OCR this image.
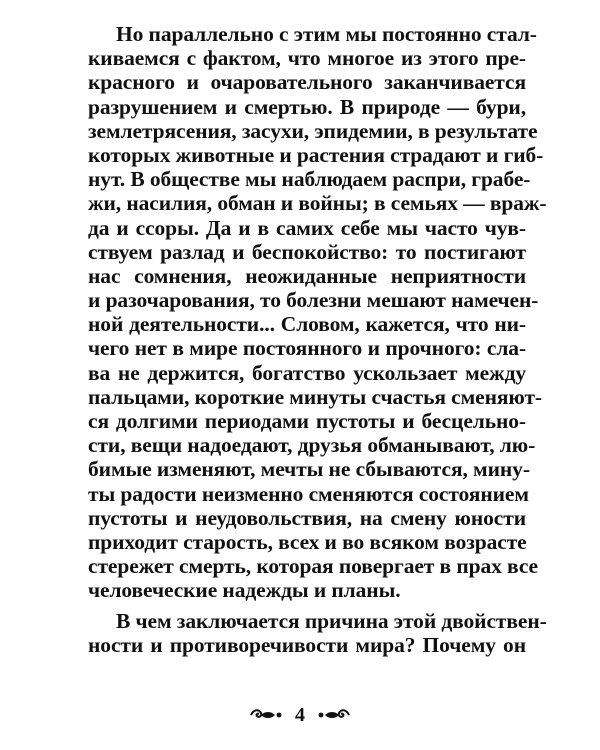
Но параллельно с этим мы постоянно стал-
киваемся с фактом, что многое из этого пре-
красного и очаровательного заканчивается
разрушением и смертью. В природе — бури,
землетрясения, засухи, эпидемии, в результате
которых животные и растения страдают и гиб-
нут. В обществе мы наблюдаем распри, грабе-
жи, насилия, обман и войны; в семьях — враж-
да и ссоры. Да и в самих себе мы часто чув-
ствуем разлад и беспокойство: то постигают
нас сомнения, неожиданные неприятности
и разочарования, то болезни мешают намечен-
ной деятельности... Словом, кажется, что ни-
чего нет в мире постоянного и прочного: сла-
ва не держится, богатство ускользает между
пальцами, короткие минуты счастья сменяют-
ся долгими периодами пустоты и бесцельно-
сти, вещи надоедают, друзья обманывают, лю-
бимые изменяют, мечты не сбываются, мину-
ты радости неизменно сменяются состоянием
пустоты и неудовольствия, на смену юности
приходит старость, всех и во всяком возрасте
стережет смерть, которая повергает в прах все
человеческие надежды и планы.
В чем заключается причина этой двойствен-
ности и противоречивости мира? Почему он
4
